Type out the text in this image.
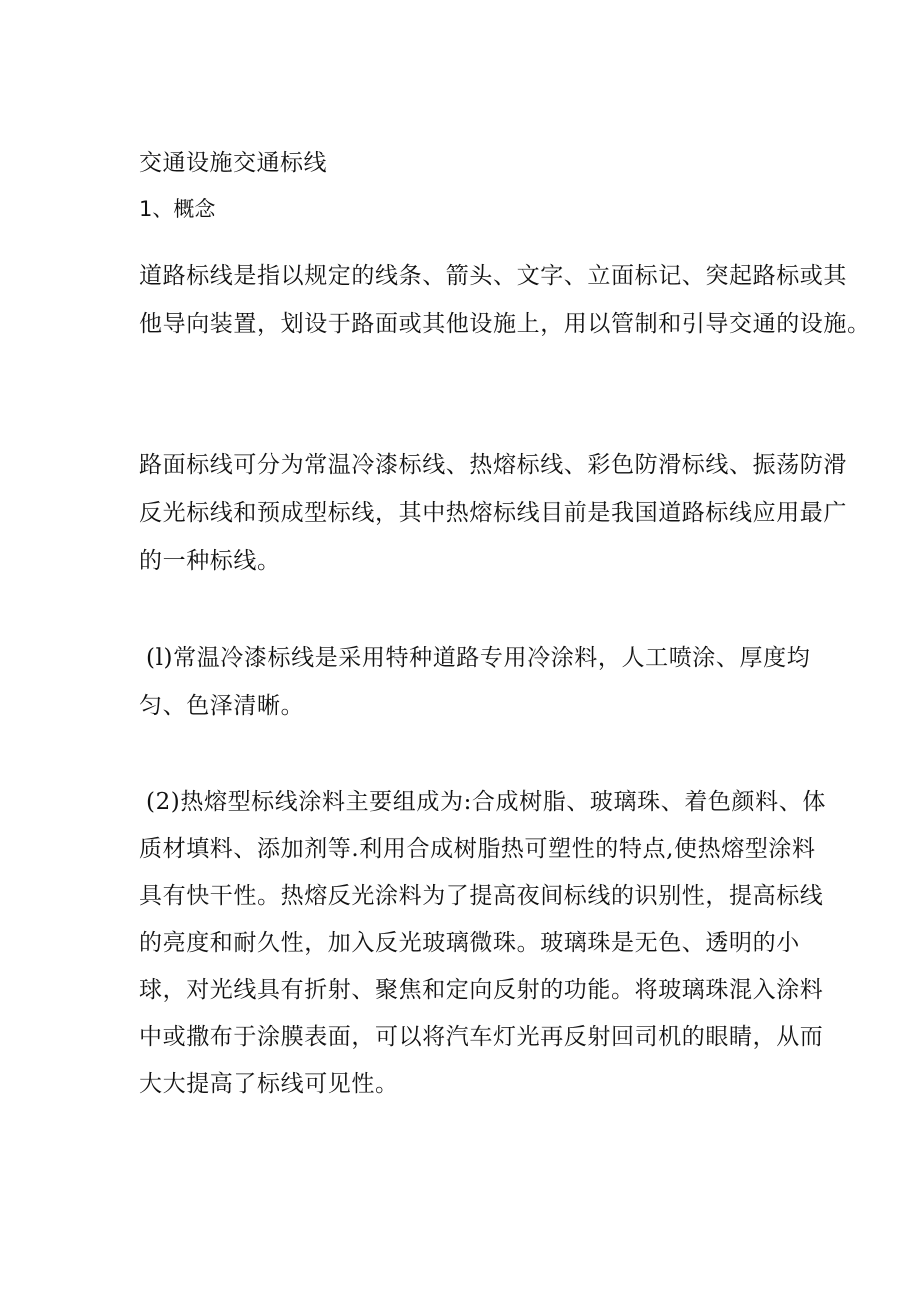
交通设施交通标线
1、概念
道路标线是指以规定的线条、箭头、文字、立面标记、突起路标或其
他导向装置，划设于路面或其他设施上，用以管制和引导交通的设施。
路面标线可分为常温冷漆标线、热熔标线、彩色防滑标线、振荡防滑
反光标线和预成型标线，其中热熔标线目前是我国道路标线应用最广
的一种标线。
(l)常温冷漆标线是采用特种道路专用冷涂料，人工喷涂、厚度均
匀、色泽清晰。
(2)热熔型标线涂料主要组成为:合成树脂、玻璃珠、着色颜料、体
质材填料、添加剂等.利用合成树脂热可塑性的特点,使热熔型涂料
具有快干性。热熔反光涂料为了提高夜间标线的识别性，提高标线
的亮度和耐久性，加入反光玻璃微珠。玻璃珠是无色、透明的小
球，对光线具有折射、聚焦和定向反射的功能。将玻璃珠混入涂料
中或撒布于涂膜表面，可以将汽车灯光再反射回司机的眼睛，从而
大大提高了标线可见性。
